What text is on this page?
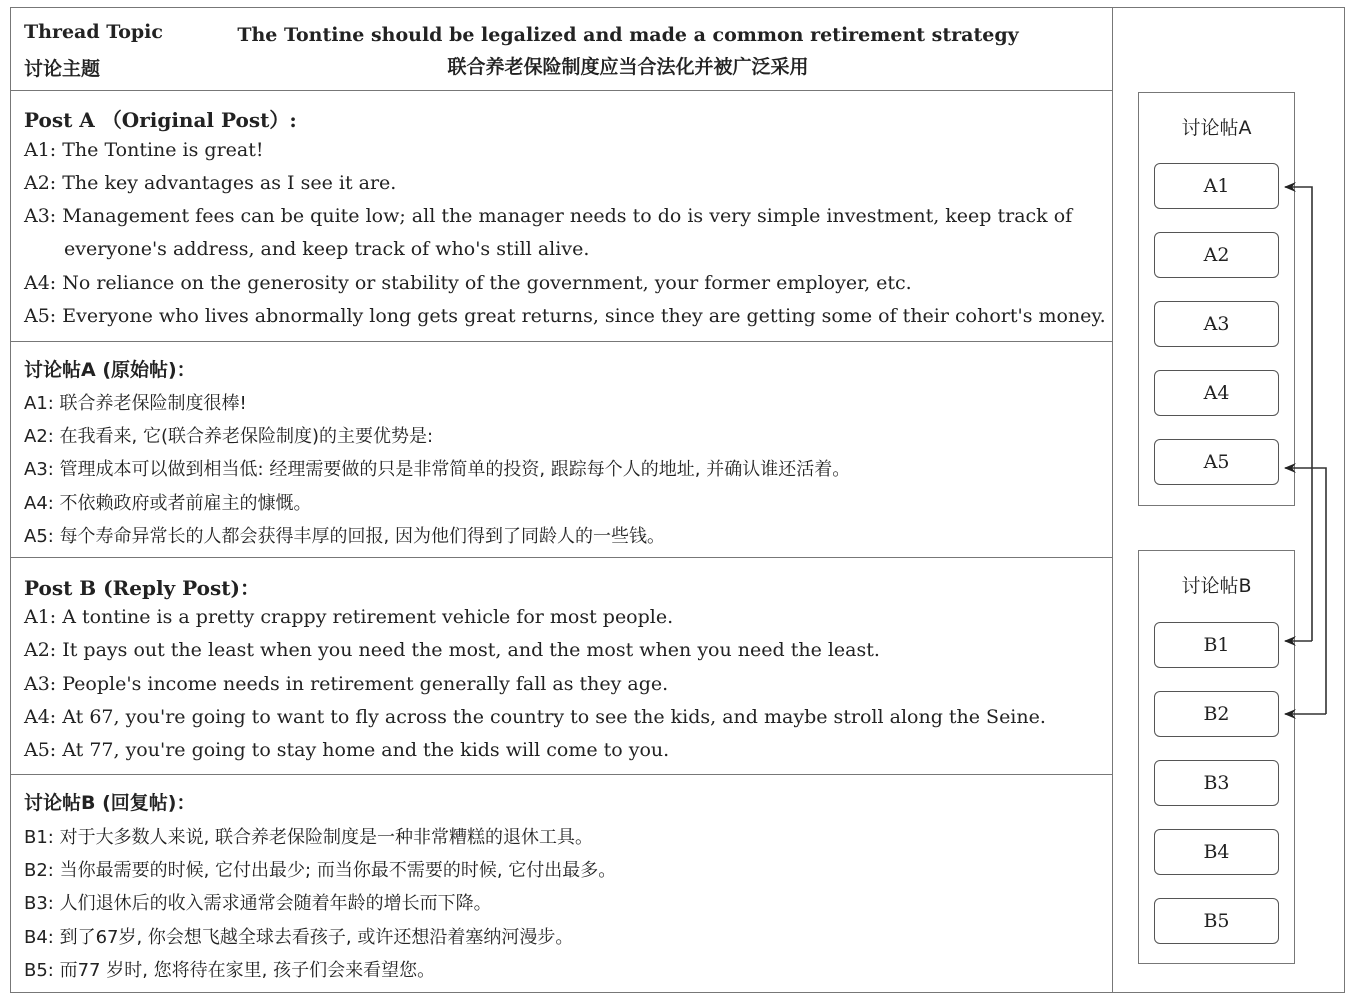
Thread Topic
讨论主题
The Tontine should be legalized and made a common retirement strategy
联合养老保险制度应当合法化并被广泛采用
Post A （Original Post）:
A1: The Tontine is great!
A2: The key advantages as I see it are.
A3: Management fees can be quite low; all the manager needs to do is very simple investment, keep track of
everyone's address, and keep track of who's still alive.
A4: No reliance on the generosity or stability of the government, your former employer, etc.
A5: Everyone who lives abnormally long gets great returns, since they are getting some of their cohort's money.
讨论帖A (原始帖)：
A1: 联合养老保险制度很棒!
A2: 在我看来, 它(联合养老保险制度)的主要优势是:
A3: 管理成本可以做到相当低: 经理需要做的只是非常简单的投资, 跟踪每个人的地址, 并确认谁还活着。
A4: 不依赖政府或者前雇主的慷慨。
A5: 每个寿命异常长的人都会获得丰厚的回报, 因为他们得到了同龄人的一些钱。
Post B (Reply Post)：
A1: A tontine is a pretty crappy retirement vehicle for most people.
A2: It pays out the least when you need the most, and the most when you need the least.
A3: People's income needs in retirement generally fall as they age.
A4: At 67, you're going to want to fly across the country to see the kids, and maybe stroll along the Seine.
A5: At 77, you're going to stay home and the kids will come to you.
讨论帖B (回复帖)：
B1: 对于大多数人来说, 联合养老保险制度是一种非常糟糕的退休工具。
B2: 当你最需要的时候, 它付出最少; 而当你最不需要的时候, 它付出最多。
B3: 人们退休后的收入需求通常会随着年龄的增长而下降。
B4: 到了67岁, 你会想飞越全球去看孩子, 或许还想沿着塞纳河漫步。
B5: 而77 岁时, 您将待在家里, 孩子们会来看望您。
讨论帖A
讨论帖B
A1
A2
A3
A4
A5
B1
B2
B3
B4
B5
